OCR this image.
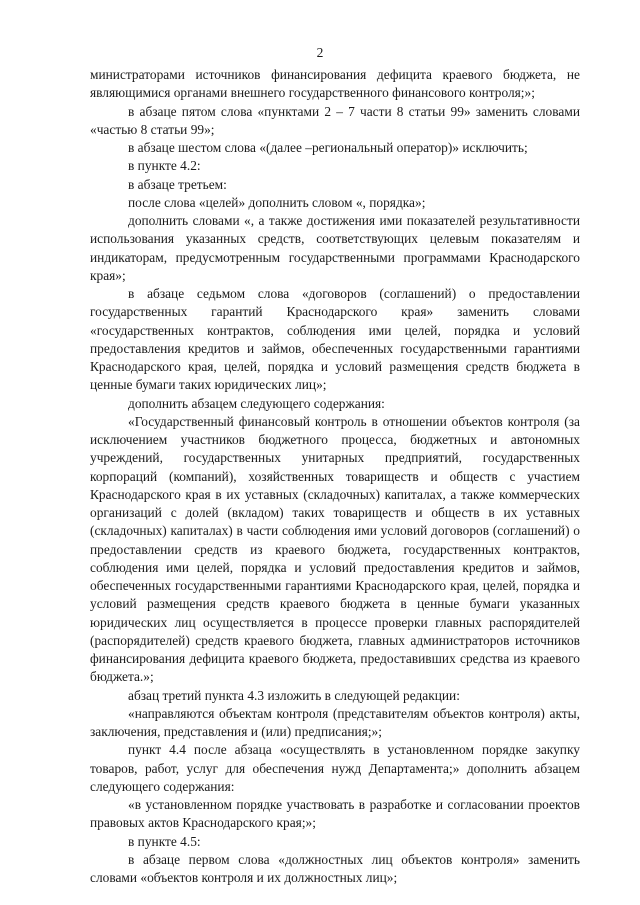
2

министраторами источников финансирования дефицита краевого бюджета, не являющимися органами внешнего государственного финансового контроля;»;

в абзаце пятом слова «пунктами 2 – 7 части 8 статьи 99» заменить словами «частью 8 статьи 99»;

в абзаце шестом слова «(далее –региональный оператор)» исключить;

в пункте 4.2:

в абзаце третьем:

после слова «целей» дополнить словом «, порядка»;

дополнить словами «, а также достижения ими показателей результативности использования указанных средств, соответствующих целевым показателям и индикаторам, предусмотренным государственными программами Краснодарского края»;

в абзаце седьмом слова «договоров (соглашений) о предоставлении государственных гарантий Краснодарского края» заменить словами «государственных контрактов, соблюдения ими целей, порядка и условий предоставления кредитов и займов, обеспеченных государственными гарантиями Краснодарского края, целей, порядка и условий размещения средств бюджета в ценные бумаги таких юридических лиц»;

дополнить абзацем следующего содержания:

«Государственный финансовый контроль в отношении объектов контроля (за исключением участников бюджетного процесса, бюджетных и автономных учреждений, государственных унитарных предприятий, государственных корпораций (компаний), хозяйственных товариществ и обществ с участием Краснодарского края в их уставных (складочных) капиталах, а также коммерческих организаций с долей (вкладом) таких товариществ и обществ в их уставных (складочных) капиталах) в части соблюдения ими условий договоров (соглашений) о предоставлении средств из краевого бюджета, государственных контрактов, соблюдения ими целей, порядка и условий предоставления кредитов и займов, обеспеченных государственными гарантиями Краснодарского края, целей, порядка и условий размещения средств краевого бюджета в ценные бумаги указанных юридических лиц осуществляется в процессе проверки главных распорядителей (распорядителей) средств краевого бюджета, главных администраторов источников финансирования дефицита краевого бюджета, предоставивших средства из краевого бюджета.»;

абзац третий пункта 4.3 изложить в следующей редакции:

«направляются объектам контроля (представителям объектов контроля) акты, заключения, представления и (или) предписания;»;

пункт 4.4 после абзаца «осуществлять в установленном порядке закупку товаров, работ, услуг для обеспечения нужд Департамента;» дополнить абзацем следующего содержания:

«в установленном порядке участвовать в разработке и согласовании проектов правовых актов Краснодарского края;»;

в пункте 4.5:

в абзаце первом слова «должностных лиц объектов контроля» заменить словами «объектов контроля и их должностных лиц»;
